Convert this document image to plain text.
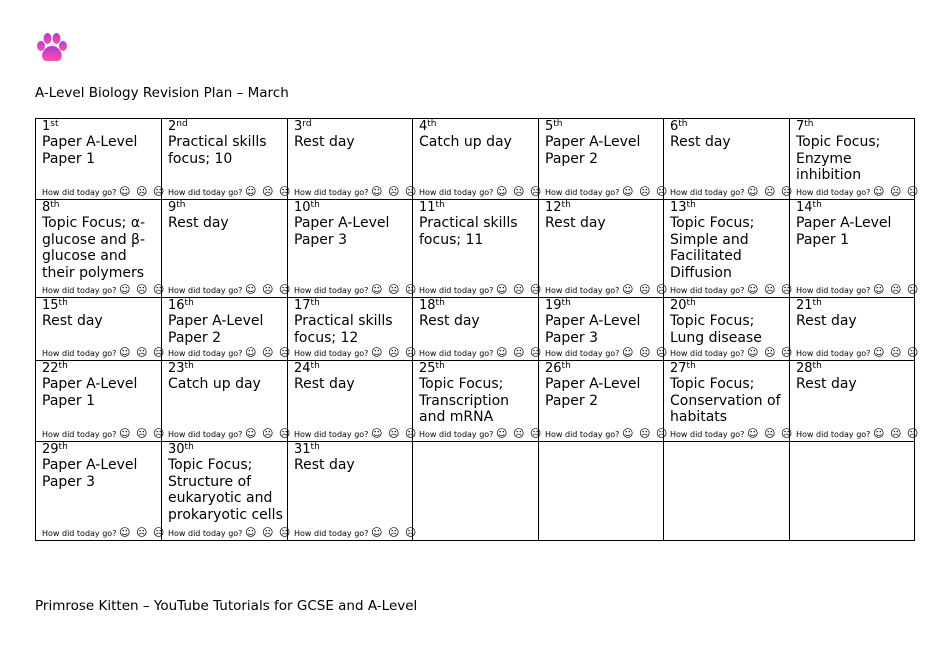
A-Level Biology Revision Plan – March
1st
Paper A-Level Paper 1
How did today go? ☺ ☹ ☹	2nd
Practical skills focus; 10
How did today go? ☺ ☹ ☹	3rd
Rest day
How did today go? ☺ ☹ ☹	4th
Catch up day
How did today go? ☺ ☹ ☹	5th
Paper A-Level Paper 2
How did today go? ☺ ☹ ☹	6th
Rest day
How did today go? ☺ ☹ ☹	7th
Topic Focus; Enzyme inhibition
How did today go? ☺ ☹ ☹

8th
Topic Focus; α-glucose and β-glucose and their polymers
How did today go? ☺ ☹ ☹	9th
Rest day
How did today go? ☺ ☹ ☹	10th
Paper A-Level Paper 3
How did today go? ☺ ☹ ☹	11th
Practical skills focus; 11
How did today go? ☺ ☹ ☹	12th
Rest day
How did today go? ☺ ☹ ☹	13th
Topic Focus; Simple and Facilitated Diffusion
How did today go? ☺ ☹ ☹	14th
Paper A-Level Paper 1
How did today go? ☺ ☹ ☹

15th
Rest day
How did today go? ☺ ☹ ☹	16th
Paper A-Level Paper 2
How did today go? ☺ ☹ ☹	17th
Practical skills focus; 12
How did today go? ☺ ☹ ☹	18th
Rest day
How did today go? ☺ ☹ ☹	19th
Paper A-Level Paper 3
How did today go? ☺ ☹ ☹	20th
Topic Focus; Lung disease
How did today go? ☺ ☹ ☹	21th
Rest day
How did today go? ☺ ☹ ☹

22th
Paper A-Level Paper 1
How did today go? ☺ ☹ ☹	23th
Catch up day
How did today go? ☺ ☹ ☹	24th
Rest day
How did today go? ☺ ☹ ☹	25th
Topic Focus; Transcription and mRNA
How did today go? ☺ ☹ ☹	26th
Paper A-Level Paper 2
How did today go? ☺ ☹ ☹	27th
Topic Focus; Conservation of habitats
How did today go? ☺ ☹ ☹	28th
Rest day
How did today go? ☺ ☹ ☹

29th
Paper A-Level Paper 3
How did today go? ☺ ☹ ☹	30th
Topic Focus; Structure of eukaryotic and prokaryotic cells
How did today go? ☺ ☹ ☹	31th
Rest day
How did today go? ☺ ☹ ☹				

Primrose Kitten – YouTube Tutorials for GCSE and A-Level
